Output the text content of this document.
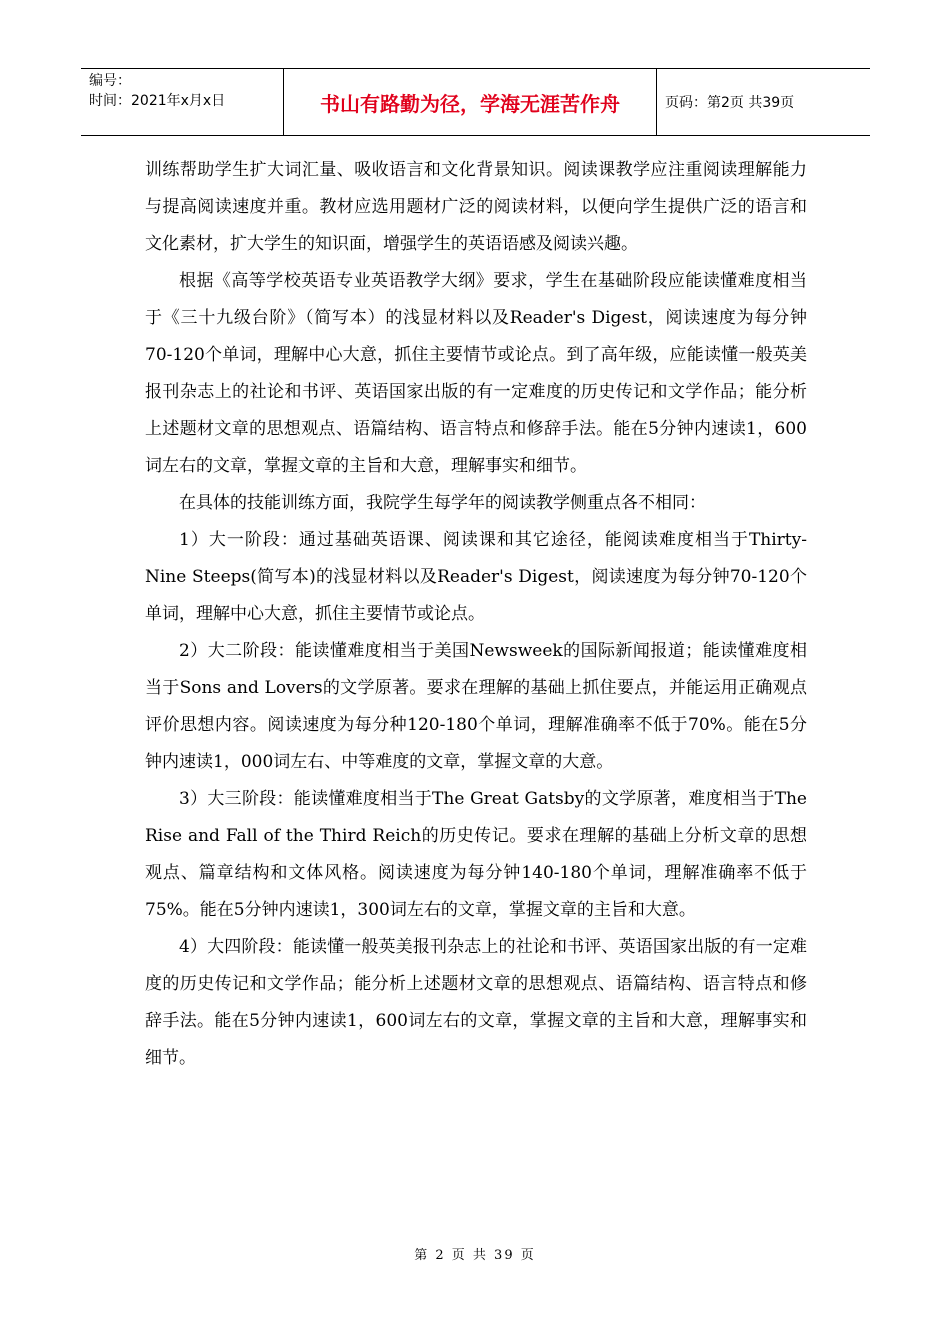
编号：
时间：2021年x月x日	书山有路勤为径，学海无涯苦作舟	页码：第2页 共39页

训练帮助学生扩大词汇量、吸收语言和文化背景知识。阅读课教学应注重阅读理解能力与提高阅读速度并重。教材应选用题材广泛的阅读材料，以便向学生提供广泛的语言和文化素材，扩大学生的知识面，增强学生的英语语感及阅读兴趣。

根据《高等学校英语专业英语教学大纲》要求，学生在基础阶段应能读懂难度相当于《三十九级台阶》（简写本）的浅显材料以及Reader's Digest，阅读速度为每分钟70-120个单词，理解中心大意，抓住主要情节或论点。到了高年级，应能读懂一般英美报刊杂志上的社论和书评、英语国家出版的有一定难度的历史传记和文学作品；能分析上述题材文章的思想观点、语篇结构、语言特点和修辞手法。能在5分钟内速读1，600词左右的文章，掌握文章的主旨和大意，理解事实和细节。

在具体的技能训练方面，我院学生每学年的阅读教学侧重点各不相同：

1）大一阶段：通过基础英语课、阅读课和其它途径，能阅读难度相当于Thirty-Nine Steeps(简写本)的浅显材料以及Reader's Digest，阅读速度为每分钟70-120个单词，理解中心大意，抓住主要情节或论点。

2）大二阶段：能读懂难度相当于美国Newsweek的国际新闻报道；能读懂难度相当于Sons and Lovers的文学原著。要求在理解的基础上抓住要点，并能运用正确观点评价思想内容。阅读速度为每分种120-180个单词，理解准确率不低于70%。能在5分钟内速读1，000词左右、中等难度的文章，掌握文章的大意。

3）大三阶段：能读懂难度相当于The Great Gatsby的文学原著，难度相当于The Rise and Fall of the Third Reich的历史传记。要求在理解的基础上分析文章的思想观点、篇章结构和文体风格。阅读速度为每分钟140-180个单词，理解准确率不低于75%。能在5分钟内速读1，300词左右的文章，掌握文章的主旨和大意。

4）大四阶段：能读懂一般英美报刊杂志上的社论和书评、英语国家出版的有一定难度的历史传记和文学作品；能分析上述题材文章的思想观点、语篇结构、语言特点和修辞手法。能在5分钟内速读1，600词左右的文章，掌握文章的主旨和大意，理解事实和细节。

第 2 页 共 39 页
